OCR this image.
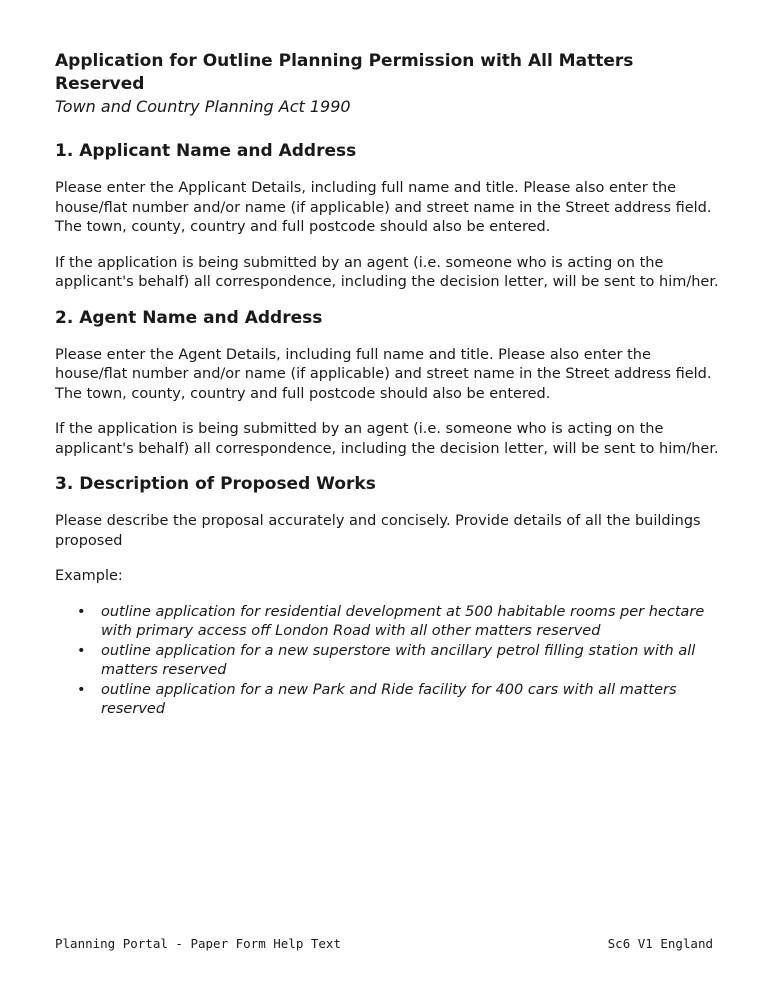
Application for Outline Planning Permission with All Matters Reserved
Town and Country Planning Act 1990
1. Applicant Name and Address

Please enter the Applicant Details, including full name and title. Please also enter the house/flat number and/or name (if applicable) and street name in the Street address field. The town, county, country and full postcode should also be entered.

If the application is being submitted by an agent (i.e. someone who is acting on the applicant's behalf) all correspondence, including the decision letter, will be sent to him/her.

2. Agent Name and Address

Please enter the Agent Details, including full name and title. Please also enter the house/flat number and/or name (if applicable) and street name in the Street address field. The town, county, country and full postcode should also be entered.

If the application is being submitted by an agent (i.e. someone who is acting on the applicant's behalf) all correspondence, including the decision letter, will be sent to him/her.

3. Description of Proposed Works

Please describe the proposal accurately and concisely. Provide details of all the buildings proposed

Example:

• outline application for residential development at 500 habitable rooms per hectare with primary access off London Road with all other matters reserved
• outline application for a new superstore with ancillary petrol filling station with all matters reserved
• outline application for a new Park and Ride facility for 400 cars with all matters reserved
Planning Portal - Paper Form Help Text	Sc6 V1 England
